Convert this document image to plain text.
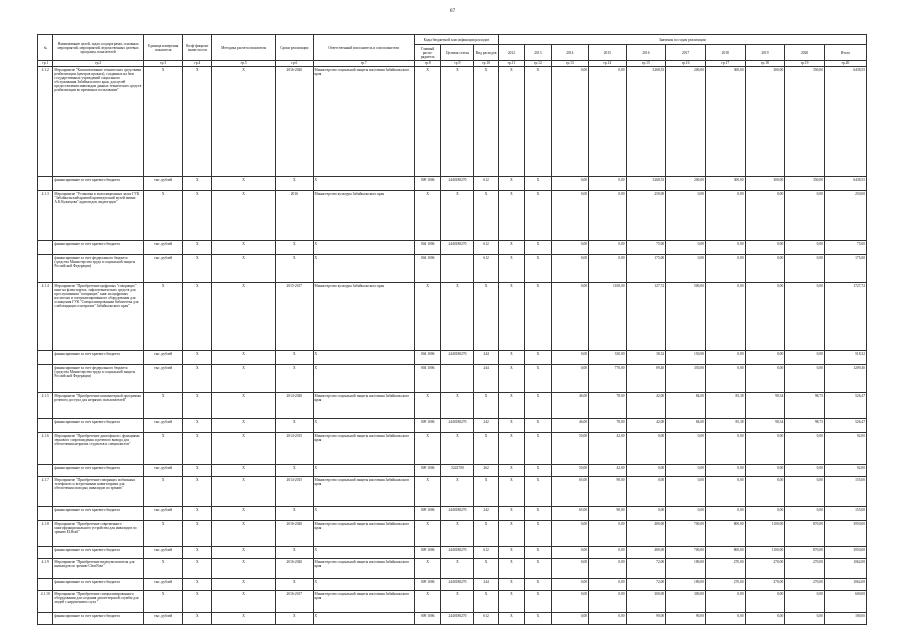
67
№	Наименование целей, задач, подпрограмм, основных мероприятий, мероприятий, ведомственных целевых программ, показателей	Единица измерения показателя	Коэф-фициент значи-мости	Методика расчета показателя	Сроки реализации	Ответственный исполнитель и соисполнители	Коды бюджетной классификации расходов			Значения по годам реализации									
							Главный распо-рядитель	Целевая статья	Вид расходов	2012	2013	2014	2015	2016	2017	2018	2019	2020	Итого
гр.1	гр.2	гр.3	гр.4	гр.5	гр.6	гр.7	гр.8	гр.9	гр.10	гр.11	гр.12	гр.13	гр.14	гр.15	гр.16	гр.17	гр.18	гр.19	гр.20
4.1.2	Мероприятие "Комплектование технических средствами реабилитации (центров проката), созданных на базе государственных учреждений социального обслуживания Забайкальского края, для целей предоставления инвалидам данных технических средств реабилитации во временное пользование"	X	X	X	2016-2020	Министерство социальной защиты населения Забайкальского края	X	X	X	X	X	0,00	0,00	5268,55	200,00	300,00	300,00	350,00	6438,55
	финансирование за счет краевого бюджета	тыс. рублей	X	X	X	X	009 1006	2440180270	612	X	X	0,00	0,00	5268,55	200,00	300,00	300,00	350,00	6438,55
4.1.3	Мероприятие "Установка в экспозиционных залах ГУК "Забайкальский краевой краеведческий музей имени А.К.Кузнецова" аудиогидов, видеогидов"	X	X	X	2016	Министерство культуры Забайкальского края	X	X	X	X	X	0,00	0,00	250,00	0,00	0,00	0,00	0,00	250,00
	финансирование за счет краевого бюджета	тыс. рублей	X	X	X	X	004 1006	2440180270	612	X	X	0,00	0,00	75,00	0,00	0,00	0,00	0,00	75,00
	финансирование за счет федерального бюджета (средства Министерства труда и социальной защиты Российской Федерации)	тыс. рублей	X	X	X	X	004 1006		612	X	X	0,00	0,00	175,00	0,00	0,00	0,00	0,00	175,00
4.1.4	Мероприятие "Приобретение цифровых "говорящих" книг на флеш-картах, тифлотехнических средств для прослушивания "говорящих" книг на цифровых носителях и специализированного оборудования для оснащения ГУК "Специализированная библиотека для слабовидящих и незрячих" Забайкальского края"	X	X	X	2015-2017	Министерство культуры Забайкальского края	X	X	X	X	X	0,00	1100,00	127,72	500,00	0,00	0,00	0,00	1727,72
	финансирование за счет краевого бюджета	тыс. рублей	X	X	X	X	004 1006	2440180270	244	X	X	0,00	330,00	38,32	150,00	0,00	0,00	0,00	518,32
	финансирование за счет федерального бюджета (средства Министерства труда и социальной защиты Российской Федерации)	тыс. рублей	X	X	X	X	004 1006		244	X	X	0,00	770,00	89,40	350,00	0,00	0,00	0,00	1209,40
4.1.5	Мероприятие "Приобретение компьютерной программы речевого доступа для незрячих пользователей"	X	X	X	2014-2020	Министерство социальной защиты населения Забайкальского края	X	X	X	X	X	46,00	78,00	42,00	84,00	85,38	98,34	98,73	526,47
	финансирование за счет краевого бюджета	тыс. рублей	X	X	X	X	009 1006	2440180270	242	X	X	46,00	78,00	42,00	84,00	85,38	98,34	98,73	526,47
4.1.6	Мероприятие "Приобретение диктофонов с функциями звукового сопровождения и речевого вывода для обеспечения незрячих студентов и специалистов"	X	X	X	2014-2015	Министерство социальной защиты населения Забайкальского края	X	X	X	X	X	50,00	42,00	0,00	0,00	0,00	0,00	0,00	92,00
	финансирование за счет краевого бюджета	тыс. рублей	X	X	X	X	009 1006	5222700	262	X	X	50,00	42,00	0,00	0,00	0,00	0,00	0,00	92,00
4.1.7	Мероприятие "Приобретение говорящих мобильных телефонов со встроенными навигаторами для обеспечения молодых инвалидов по зрению"	X	X	X	2014-2015	Министерство социальной защиты населения Забайкальского края	X	X	X	X	X	65,00	90,00	0,00	0,00	0,00	0,00	0,00	155,00
	финансирование за счет краевого бюджета	тыс. рублей	X	X	X	X	009 1006	2440180270	242	X	X	65,00	90,00	0,00	0,00	0,00	0,00	0,00	155,00
4.1.8	Мероприятие "Приобретение современного многофункционального устройства для инвалидов по зрению ELBrail"	X	X	X	2016-2020	Министерство социальной защиты населения Забайкальского края	X	X	X	X	X	0,00	0,00	480,00	700,00	800,00	1100,00	870,00	3950,00
	финансирование за счет краевого бюджета	тыс. рублей	X	X	X	X	009 1006	2440180270	612	X	X	0,00	0,00	480,00	700,00	800,00	1100,00	870,00	3950,00
4.1.9	Мероприятие "Приобретение видеоувеличителя для инвалидов по зрению ClearNote"	X	X	X	2016-2020	Министерство социальной защиты населения Забайкальского края	X	X	X	X	X	0,00	0,00	72,00	180,00	270,00	270,00	270,00	1062,00
	финансирование за счет краевого бюджета	тыс. рублей	X	X	X	X	009 1006	2440180270	244	X	X	0,00	0,00	72,00	180,00	270,00	270,00	270,00	1062,00
4.1.10	Мероприятие "Приобретение специализированного оборудования для создания диспетчерской службы для людей с нарушением слуха "	X	X	X	2016-2017	Министерство социальной защиты населения Забайкальского края	X	X	X	X	X	0,00	0,00	300,00	300,00	0,00	0,00	0,00	600,00
	финансирование за счет краевого бюджета	тыс. рублей	X	X	X	X	009 1006	2440180270	612	X	X	0,00	0,00	90,00	90,00	0,00	0,00	0,00	180,00
